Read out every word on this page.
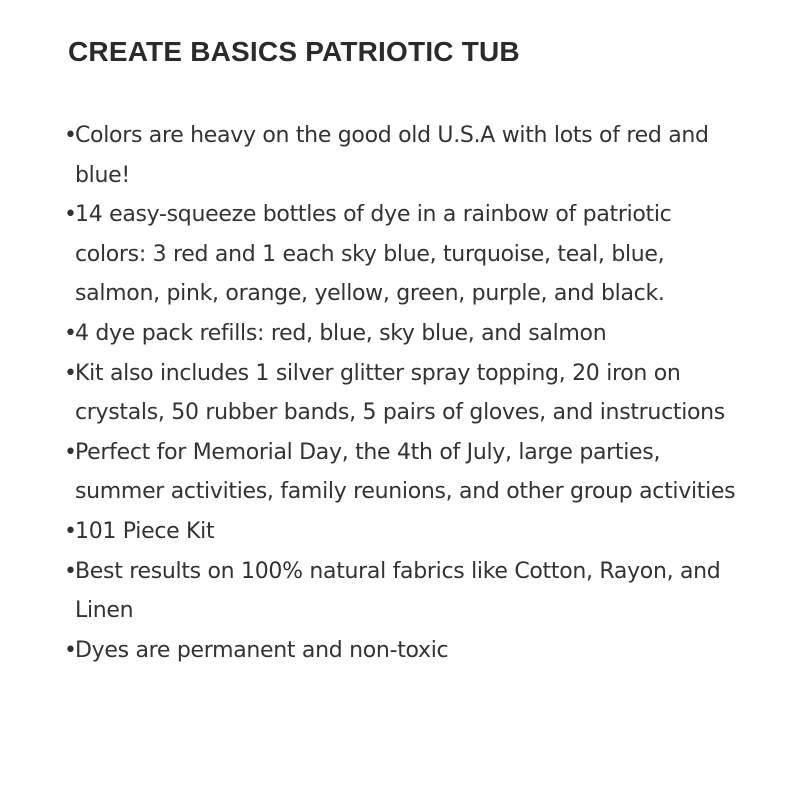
CREATE BASICS PATRIOTIC TUB
•
Colors are heavy on the good old U.S.A with lots of red and blue!
•
14 easy-squeeze bottles of dye in a rainbow of patriotic colors: 3 red and 1 each sky blue, turquoise, teal, blue, salmon, pink, orange, yellow, green, purple, and black.
•
4 dye pack refills: red, blue, sky blue, and salmon
•
Kit also includes 1 silver glitter spray topping, 20 iron on crystals, 50 rubber bands, 5 pairs of gloves, and instructions
•
Perfect for Memorial Day, the 4th of July, large parties, summer activities, family reunions, and other group activities
•
101 Piece Kit
•
Best results on 100% natural fabrics like Cotton, Rayon, and Linen
•
Dyes are permanent and non-toxic
